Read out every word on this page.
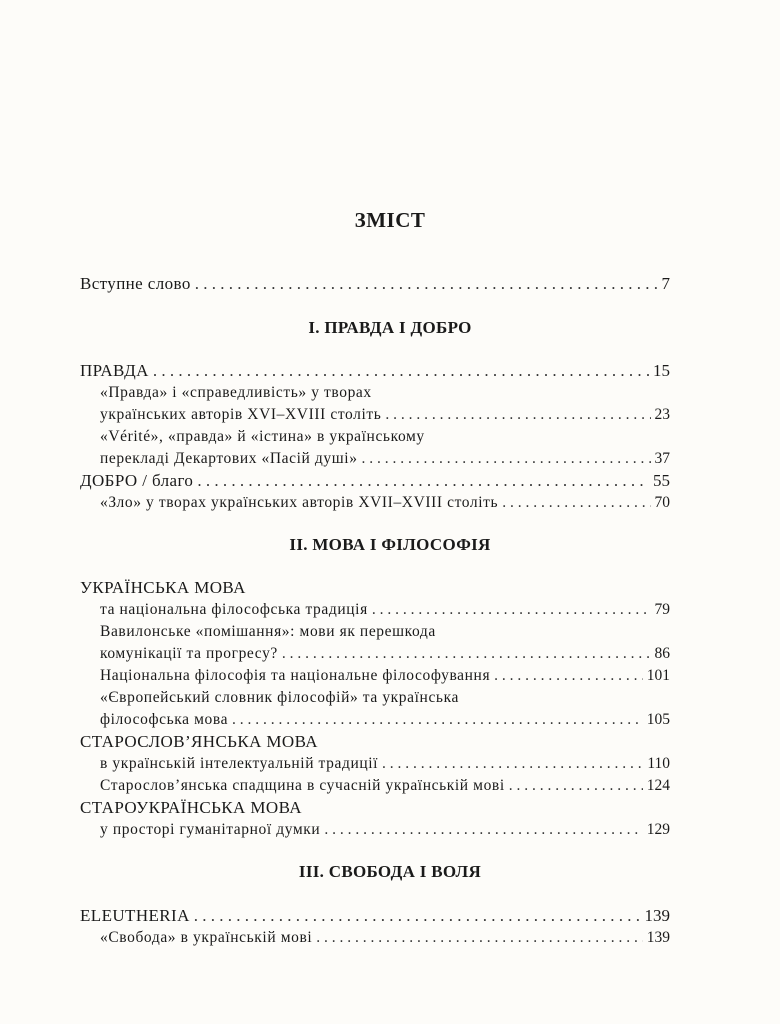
ЗМІСТ
Вступне слово . . .	7
І. ПРАВДА І ДОБРО
ПРАВДА . . .	15
«Правда» і «справедливість» у творах
українських авторів XVI–XVIII століть . . .	23
«Vérité», «правда» й «істина» в українському
перекладі Декартових «Пасій душі» . . .	37
ДОБРО / благо . . .	55
«Зло» у творах українських авторів XVII–XVIII століть . . .	70
ІІ. МОВА І ФІЛОСОФІЯ
УКРАЇНСЬКА МОВА
та національна філософська традиція . . .	79
Вавилонське «помішання»: мови як перешкода
комунікації та прогресу? . . .	86
Національна філософія та національне філософування . . .	101
«Європейський словник філософій» та українська
філософська мова . . .	105
СТАРОСЛОВ’ЯНСЬКА МОВА
в українській інтелектуальній традиції . . .	110
Старослов’янська спадщина в сучасній українській мові . . .	124
СТАРОУКРАЇНСЬКА МОВА
у просторі гуманітарної думки . . .	129
ІІІ. СВОБОДА І ВОЛЯ
ELEUTHERIA . . .	139
«Свобода» в українській мові . . .	139
